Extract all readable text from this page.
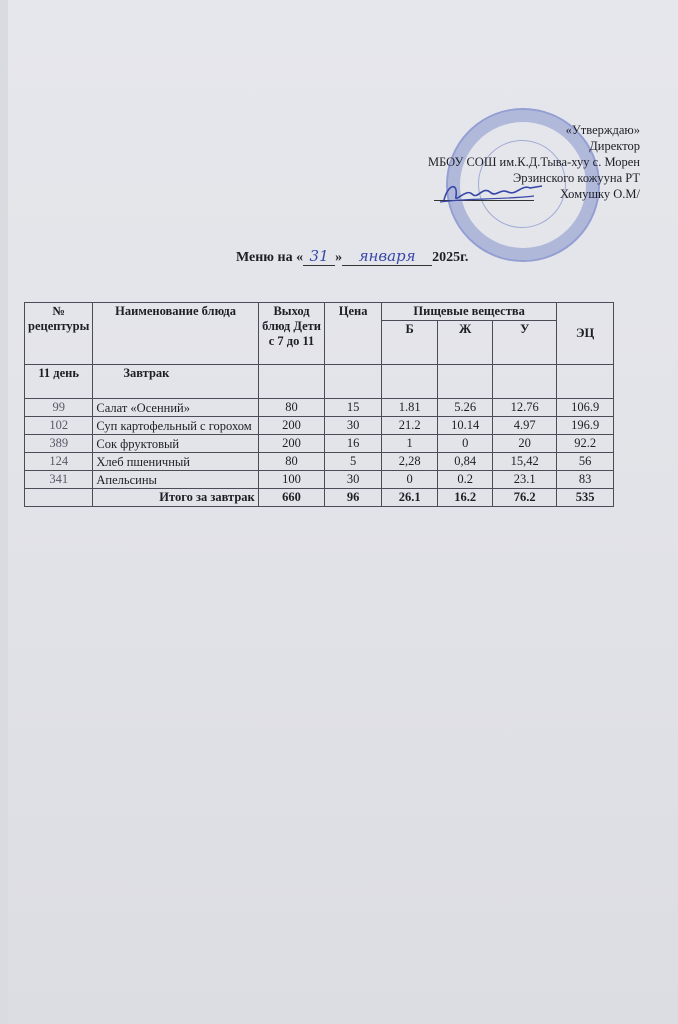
«Утверждаю»
Директор
МБОУ СОШ им.К.Д.Тыва-хуу с. Морен
Эрзинского кожууна РТ
Хомушку О.М/
Меню на « 31 » января 2025г.
№ рецептуры	Наименование блюда	Выход блюд Дети с 7 до 11	Цена	Пищевые вещества			ЭЦ
				Б	Ж	У	
11 день	Завтрак						
99	Салат «Осенний»	80	15	1.81	5.26	12.76	106.9
102	Суп картофельный с горохом	200	30	21.2	10.14	4.97	196.9
389	Сок фруктовый	200	16	1	0	20	92.2
124	Хлеб пшеничный	80	5	2,28	0,84	15,42	56
341	Апельсины	100	30	0	0.2	23.1	83
	Итого за завтрак	660	96	26.1	16.2	76.2	535
